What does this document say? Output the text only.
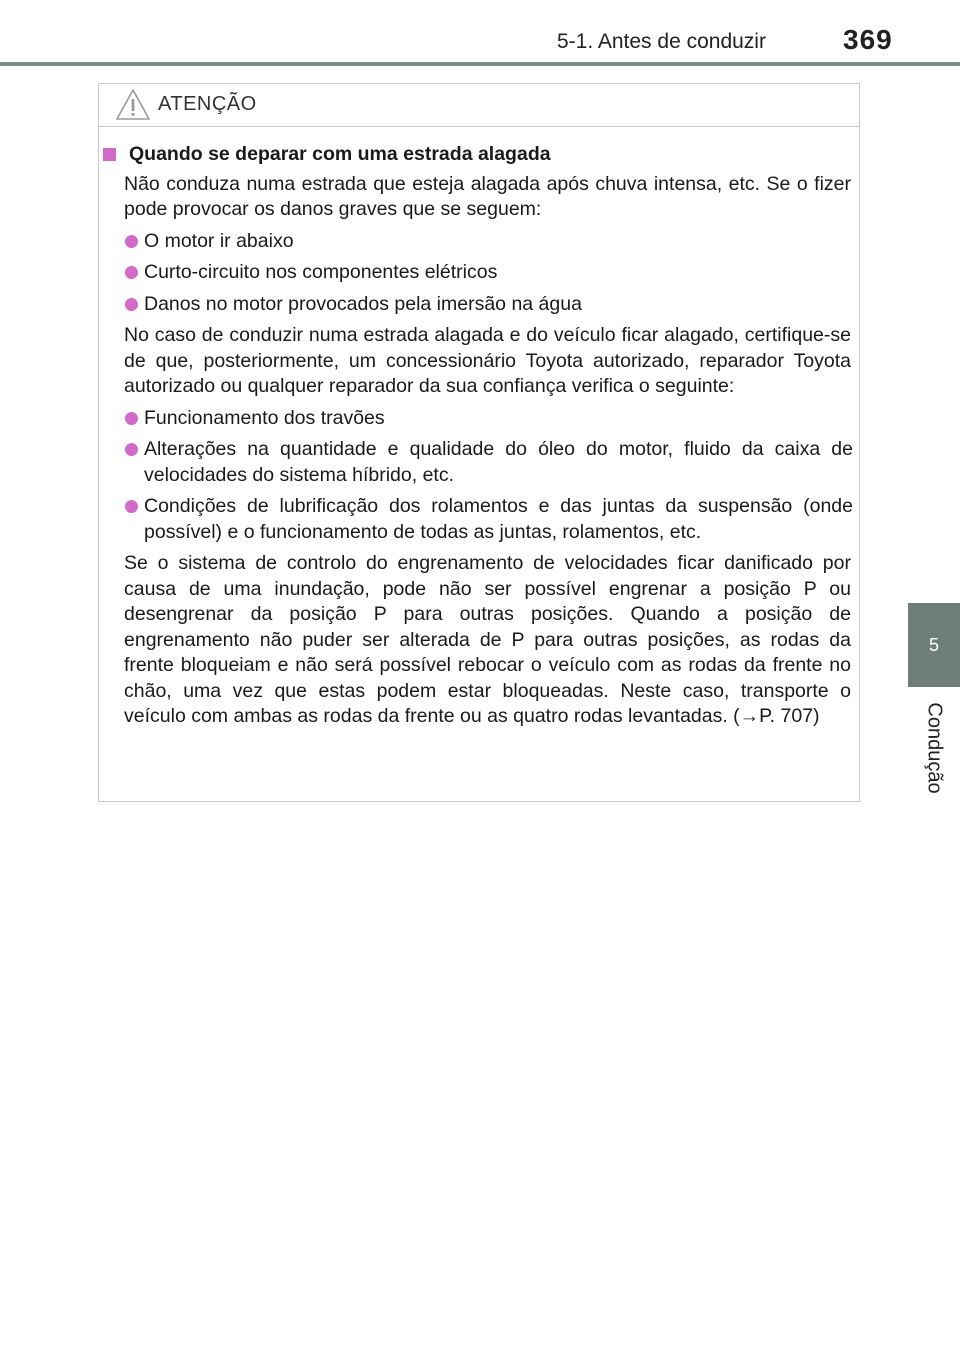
5-1. Antes de conduzir	369
5
Condução
ATENÇÃO
Quando se deparar com uma estrada alagada
Não conduza numa estrada que esteja alagada após chuva intensa, etc. Se o fizer pode provocar os danos graves que se seguem:
O motor ir abaixo
Curto-circuito nos componentes elétricos
Danos no motor provocados pela imersão na água
No caso de conduzir numa estrada alagada e do veículo ficar alagado, certifique-se de que, posteriormente, um concessionário Toyota autorizado, reparador Toyota autorizado ou qualquer reparador da sua confiança verifica o seguinte:
Funcionamento dos travões
Alterações na quantidade e qualidade do óleo do motor, fluido da caixa de velocidades do sistema híbrido, etc.
Condições de lubrificação dos rolamentos e das juntas da suspensão (onde possível) e o funcionamento de todas as juntas, rolamentos, etc.
Se o sistema de controlo do engrenamento de velocidades ficar danificado por causa de uma inundação, pode não ser possível engrenar a posição P ou desengrenar da posição P para outras posições. Quando a posição de engrenamento não puder ser alterada de P para outras posições, as rodas da frente bloqueiam e não será possível rebocar o veículo com as rodas da frente no chão, uma vez que estas podem estar bloqueadas. Neste caso, transporte o veículo com ambas as rodas da frente ou as quatro rodas levantadas. (→P. 707)
